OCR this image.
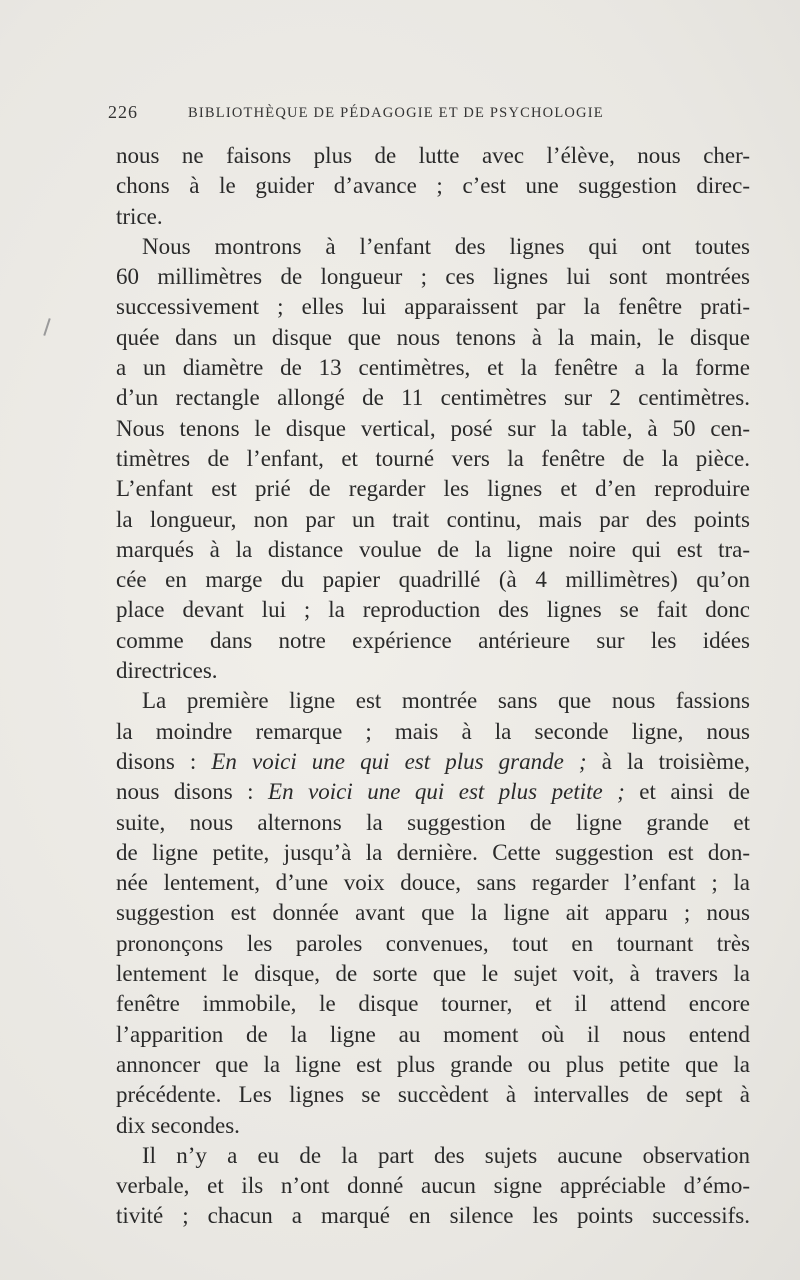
226	BIBLIOTHÈQUE DE PÉDAGOGIE ET DE PSYCHOLOGIE
nous ne faisons plus de lutte avec l’élève, nous cher-
chons à le guider d’avance ; c’est une suggestion direc-
trice.
Nous montrons à l’enfant des lignes qui ont toutes
60 millimètres de longueur ; ces lignes lui sont montrées
successivement ; elles lui apparaissent par la fenêtre prati-
quée dans un disque que nous tenons à la main, le disque
a un diamètre de 13 centimètres, et la fenêtre a la forme
d’un rectangle allongé de 11 centimètres sur 2 centimètres.
Nous tenons le disque vertical, posé sur la table, à 50 cen-
timètres de l’enfant, et tourné vers la fenêtre de la pièce.
L’enfant est prié de regarder les lignes et d’en reproduire
la longueur, non par un trait continu, mais par des points
marqués à la distance voulue de la ligne noire qui est tra-
cée en marge du papier quadrillé (à 4 millimètres) qu’on
place devant lui ; la reproduction des lignes se fait donc
comme dans notre expérience antérieure sur les idées
directrices.
La première ligne est montrée sans que nous fassions
la moindre remarque ; mais à la seconde ligne, nous
disons : En voici une qui est plus grande ; à la troisième,
nous disons : En voici une qui est plus petite ; et ainsi de
suite, nous alternons la suggestion de ligne grande et
de ligne petite, jusqu’à la dernière. Cette suggestion est don-
née lentement, d’une voix douce, sans regarder l’enfant ; la
suggestion est donnée avant que la ligne ait apparu ; nous
prononçons les paroles convenues, tout en tournant très
lentement le disque, de sorte que le sujet voit, à travers la
fenêtre immobile, le disque tourner, et il attend encore
l’apparition de la ligne au moment où il nous entend
annoncer que la ligne est plus grande ou plus petite que la
précédente. Les lignes se succèdent à intervalles de sept à
dix secondes.
Il n’y a eu de la part des sujets aucune observation
verbale, et ils n’ont donné aucun signe appréciable d’émo-
tivité ; chacun a marqué en silence les points successifs.
